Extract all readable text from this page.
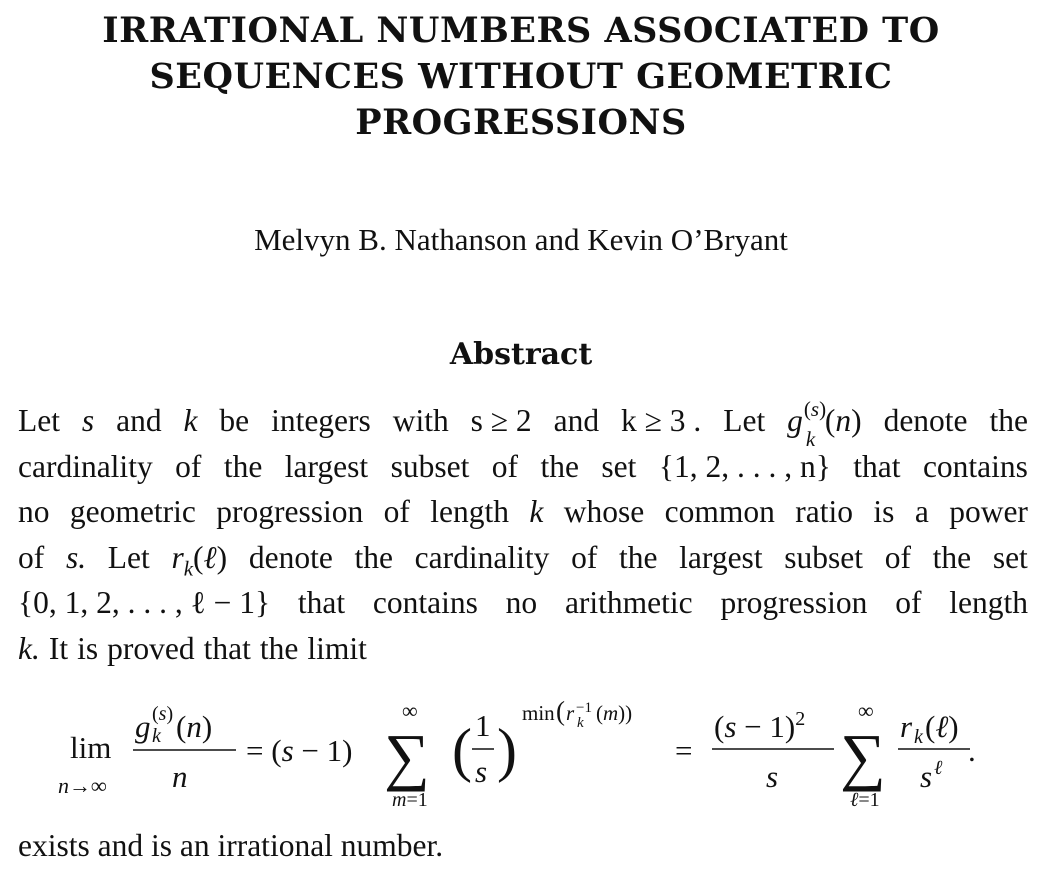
IRRATIONAL NUMBERS ASSOCIATED TO
SEQUENCES WITHOUT GEOMETRIC
PROGRESSIONS
Melvyn B. Nathanson and Kevin O’Bryant
Abstract
Let s and k be integers with s ≥ 2 and k ≥ 3 . Let g (s)
k
(n) denote the
cardinality of the largest subset of the set {1, 2, . . . , n} that contains
no geometric progression of length k whose common ratio is a power
of s. Let $r_k(\ell)$ denote the cardinality of the largest subset of the set
{0, 1, 2, . . . , ℓ − 1} that contains no arithmetic progression of length
k. It is proved that the limit
lim
n→∞
g (s)
k (n)
n
= (s − 1) ∑
∞
m=1
( 1
s )
min ( r −1
k (m))
=
$(s - 1)^2$
s ∑
∞
ℓ=1
r k (ℓ)
s ℓ .
exists and is an irrational number.
